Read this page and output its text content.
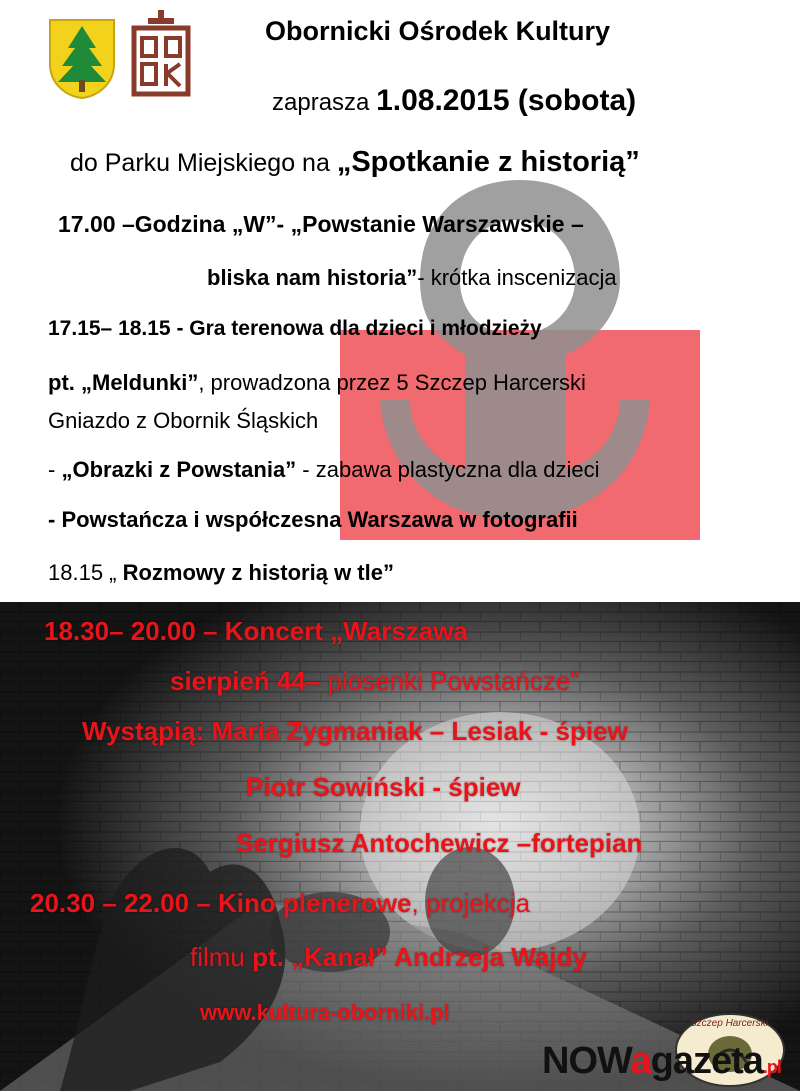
Obornicki Ośrodek Kultury
zaprasza 1.08.2015 (sobota)
do Parku Miejskiego na „Spotkanie z historią”
17.00 –Godzina „W”- „Powstanie Warszawskie –
bliska nam historia”- krótka inscenizacja
17.15– 18.15 - Gra terenowa dla dzieci i młodzieży
pt. „Meldunki”, prowadzona przez 5 Szczep Harcerski
Gniazdo z Obornik Śląskich
- „Obrazki z Powstania” - zabawa plastyczna dla dzieci
- Powstańcza i współczesna Warszawa w fotografii
18.15 „ Rozmowy z historią w tle”
18.30– 20.00 – Koncert „Warszawa
sierpień 44– piosenki Powstańcze”
Wystąpią: Maria Zygmaniak – Lesiak - śpiew
Piotr Sowiński - śpiew
Sergiusz Antochewicz –fortepian
20.30 – 22.00 – Kino plenerowe, projekcja
filmu pt. „Kanał” Andrzeja Wajdy
www.kultura-oborniki.pl	Szczep Harcerski
NOWagazeta.pl
